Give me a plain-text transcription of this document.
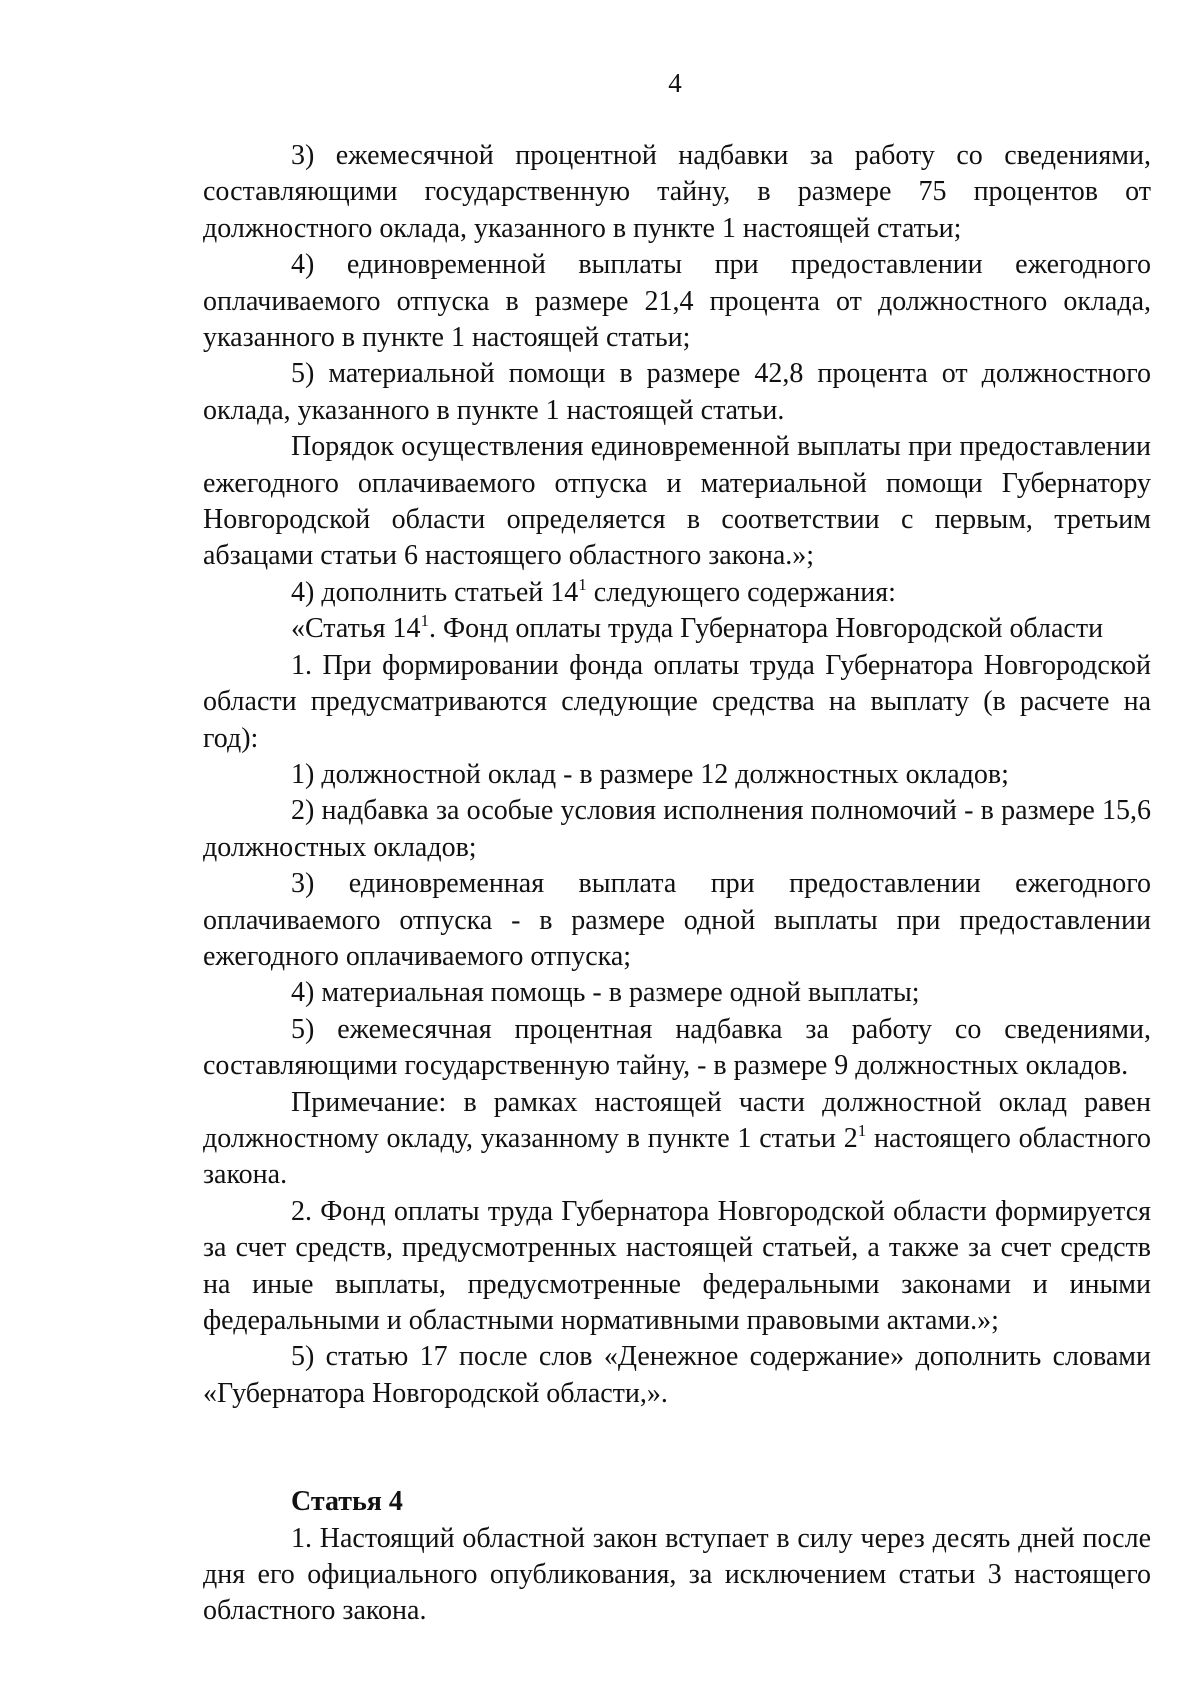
4

3) ежемесячной процентной надбавки за работу со сведениями, составляющими государственную тайну, в размере 75 процентов от должностного оклада, указанного в пункте 1 настоящей статьи;

4) единовременной выплаты при предоставлении ежегодного оплачиваемого отпуска в размере 21,4 процента от должностного оклада, указанного в пункте 1 настоящей статьи;

5) материальной помощи в размере 42,8 процента от должностного оклада, указанного в пункте 1 настоящей статьи.

Порядок осуществления единовременной выплаты при предоставлении ежегодного оплачиваемого отпуска и материальной помощи Губернатору Новгородской области определяется в соответствии с первым, третьим абзацами статьи 6 настоящего областного закона.»;

4) дополнить статьей $14^1$ следующего содержания:

«Статья $14^1$. Фонд оплаты труда Губернатора Новгородской области

1. При формировании фонда оплаты труда Губернатора Новгородской области предусматриваются следующие средства на выплату (в расчете на год):

1) должностной оклад - в размере 12 должностных окладов;

2) надбавка за особые условия исполнения полномочий - в размере 15,6 должностных окладов;

3) единовременная выплата при предоставлении ежегодного оплачиваемого отпуска - в размере одной выплаты при предоставлении ежегодного оплачиваемого отпуска;

4) материальная помощь - в размере одной выплаты;

5) ежемесячная процентная надбавка за работу со сведениями, составляющими государственную тайну, - в размере 9 должностных окладов.

Примечание: в рамках настоящей части должностной оклад равен должностному окладу, указанному в пункте 1 статьи $2^1$ настоящего областного закона.

2. Фонд оплаты труда Губернатора Новгородской области формируется за счет средств, предусмотренных настоящей статьей, а также за счет средств на иные выплаты, предусмотренные федеральными законами и иными федеральными и областными нормативными правовыми актами.»;

5) статью 17 после слов «Денежное содержание» дополнить словами «Губернатора Новгородской области,».

Статья 4

1. Настоящий областной закон вступает в силу через десять дней после дня его официального опубликования, за исключением статьи 3 настоящего областного закона.
